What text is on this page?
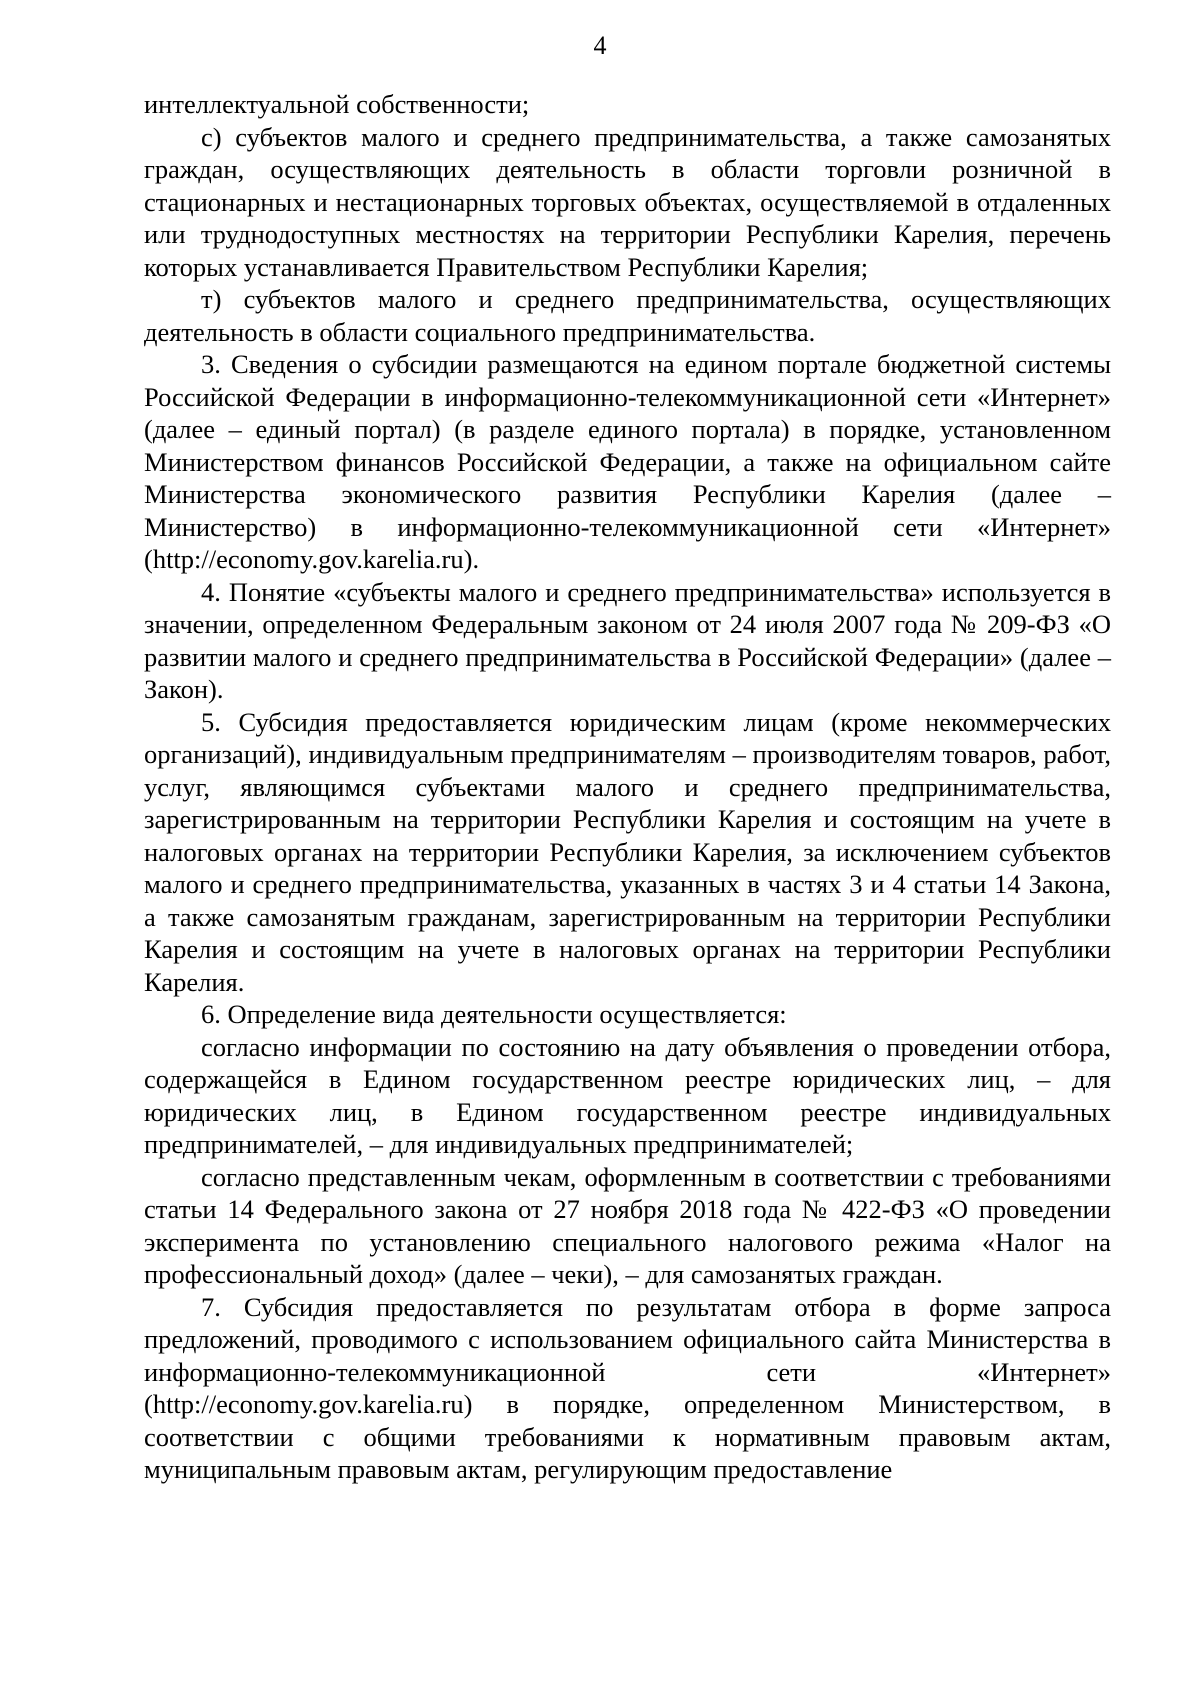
4

интеллектуальной собственности;

с) субъектов малого и среднего предпринимательства, а также самозанятых граждан, осуществляющих деятельность в области торговли розничной в стационарных и нестационарных торговых объектах, осуществляемой в отдаленных или труднодоступных местностях на территории Республики Карелия, перечень которых устанавливается Правительством Республики Карелия;

т) субъектов малого и среднего предпринимательства, осуществляющих деятельность в области социального предпринимательства.

3. Сведения о субсидии размещаются на едином портале бюджетной системы Российской Федерации в информационно-телекоммуникационной сети «Интернет» (далее – единый портал) (в разделе единого портала) в порядке, установленном Министерством финансов Российской Федерации, а также на официальном сайте Министерства экономического развития Республики Карелия (далее – Министерство) в информационно-телекоммуникационной сети «Интернет» (http://economy.gov.karelia.ru).

4. Понятие «субъекты малого и среднего предпринимательства» используется в значении, определенном Федеральным законом от 24 июля 2007 года № 209-ФЗ «О развитии малого и среднего предпринимательства в Российской Федерации» (далее – Закон).

5. Субсидия предоставляется юридическим лицам (кроме некоммерческих организаций), индивидуальным предпринимателям – производителям товаров, работ, услуг, являющимся субъектами малого и среднего предпринимательства, зарегистрированным на территории Республики Карелия и состоящим на учете в налоговых органах на территории Республики Карелия, за исключением субъектов малого и среднего предпринимательства, указанных в частях 3 и 4 статьи 14 Закона, а также самозанятым гражданам, зарегистрированным на территории Республики Карелия и состоящим на учете в налоговых органах на территории Республики Карелия.

6. Определение вида деятельности осуществляется:

согласно информации по состоянию на дату объявления о проведении отбора, содержащейся в Едином государственном реестре юридических лиц, – для юридических лиц, в Едином государственном реестре индивидуальных предпринимателей, – для индивидуальных предпринимателей;

согласно представленным чекам, оформленным в соответствии с требованиями статьи 14 Федерального закона от 27 ноября 2018 года № 422-ФЗ «О проведении эксперимента по установлению специального налогового режима «Налог на профессиональный доход» (далее – чеки), – для самозанятых граждан.

7. Субсидия предоставляется по результатам отбора в форме запроса предложений, проводимого с использованием официального сайта Министерства в информационно-телекоммуникационной сети «Интернет» (http://economy.gov.karelia.ru) в порядке, определенном Министерством, в соответствии с общими требованиями к нормативным правовым актам, муниципальным правовым актам, регулирующим предоставление
